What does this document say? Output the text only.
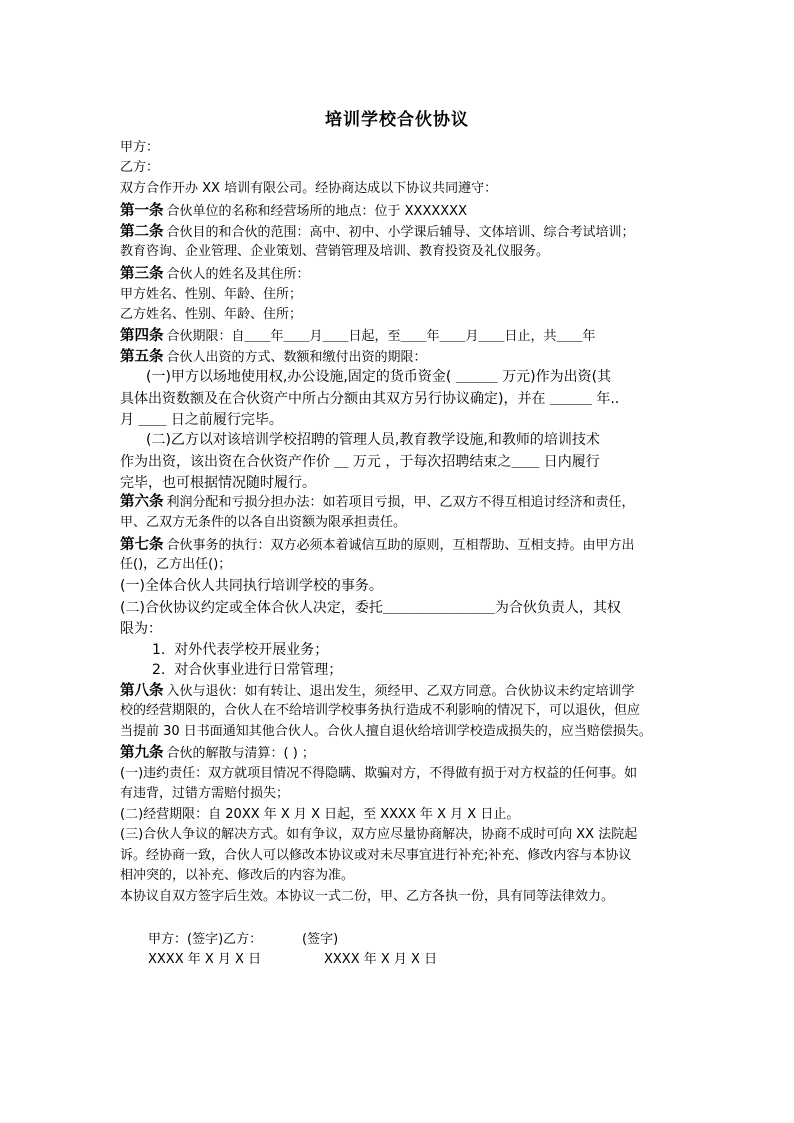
培训学校合伙协议
甲方：
乙方：
双方合作开办 XX 培训有限公司。经协商达成以下协议共同遵守：
第一条 合伙单位的名称和经营场所的地点：位于 XXXXXXX
第二条 合伙目的和合伙的范围：高中、初中、小学课后辅导、文体培训、综合考试培训；
教育咨询、企业管理、企业策划、营销管理及培训、教育投资及礼仪服务。
第三条 合伙人的姓名及其住所：
甲方姓名、性别、年龄、住所；
乙方姓名、性别、年龄、住所；
第四条 合伙期限：自＿＿年＿＿月＿＿日起，至＿＿年＿＿月＿＿日止，共＿＿年
第五条 合伙人出资的方式、数额和缴付出资的期限：
(一)甲方以场地使用权,办公设施,固定的货币资金( ＿＿＿ 万元)作为出资(其
具体出资数额及在合伙资产中所占分额由其双方另行协议确定)，并在 ＿＿＿ 年..
月 ＿＿ 日之前履行完毕。
(二)乙方以对该培训学校招聘的管理人员,教育教学设施,和教师的培训技术
作为出资，该出资在合伙资产作价 ＿ 万元 ，于每次招聘结束之＿＿ 日内履行
完毕，也可根据情况随时履行。
第六条 利润分配和亏损分担办法：如若项目亏损，甲、乙双方不得互相追讨经济和责任，
甲、乙双方无条件的以各自出资额为限承担责任。
第七条 合伙事务的执行：双方必须本着诚信互助的原则，互相帮助、互相支持。由甲方出
任()，乙方出任()；
(一)全体合伙人共同执行培训学校的事务。
(二)合伙协议约定或全体合伙人决定，委托＿＿＿＿＿＿＿＿为合伙负责人，其权
限为：
1. 对外代表学校开展业务；
2. 对合伙事业进行日常管理；
第八条 入伙与退伙：如有转让、退出发生，须经甲、乙双方同意。合伙协议未约定培训学
校的经营期限的，合伙人在不给培训学校事务执行造成不利影响的情况下，可以退伙，但应
当提前 30 日书面通知其他合伙人。合伙人擅自退伙给培训学校造成损失的，应当赔偿损失。
第九条 合伙的解散与清算：( ) ；
(一)违约责任：双方就项目情况不得隐瞒、欺骗对方，不得做有损于对方权益的任何事。如
有违背，过错方需赔付损失；
(二)经营期限：自 20XX 年 X 月 X 日起，至 XXXX 年 X 月 X 日止。
(三)合伙人争议的解决方式。如有争议，双方应尽量协商解决，协商不成时可向 XX 法院起
诉。经协商一致，合伙人可以修改本协议或对未尽事宜进行补充;补充、修改内容与本协议
相冲突的，以补充、修改后的内容为准。
本协议自双方签字后生效。本协议一式二份，甲、乙方各执一份，具有同等法律效力。
甲方：(签字)乙方：	(签字)
XXXX 年 X 月 X 日	XXXX 年 X 月 X 日
